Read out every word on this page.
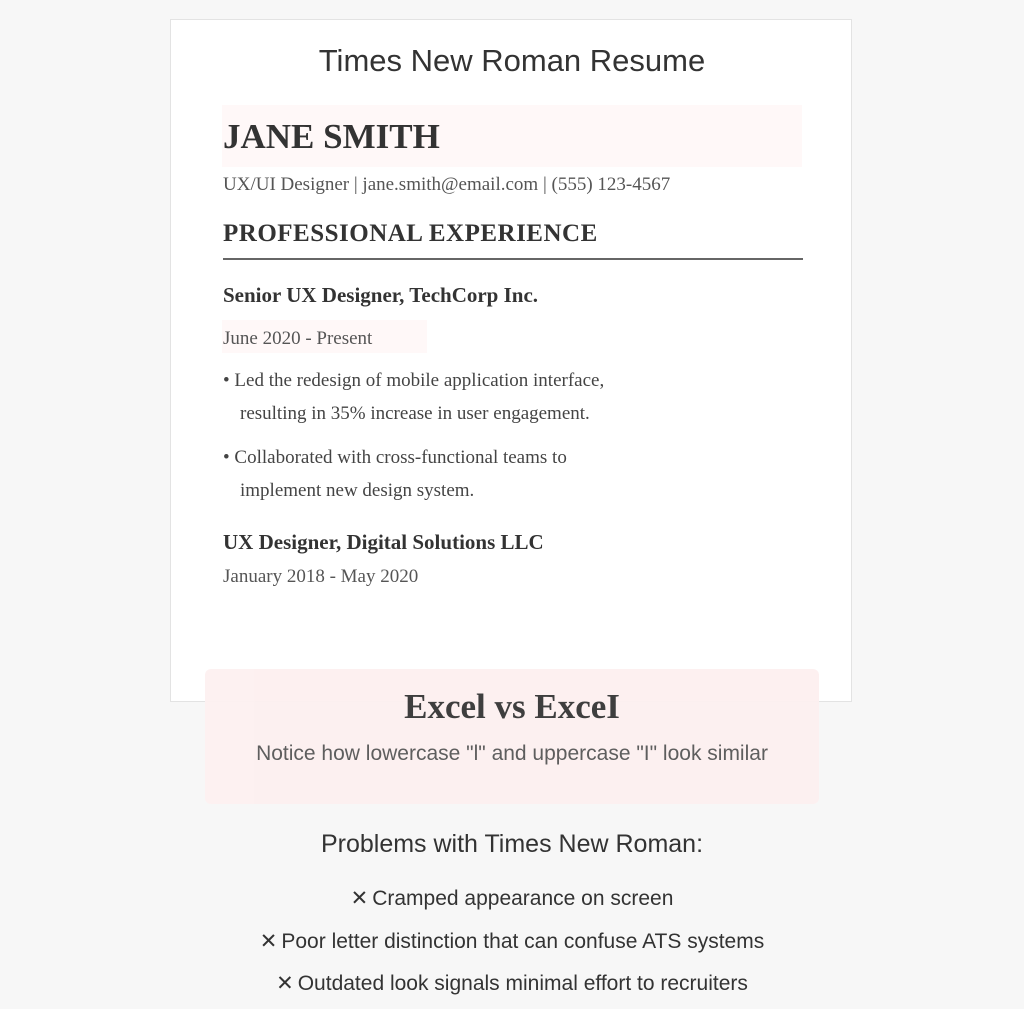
Times New Roman Resume
JANE SMITH
UX/UI Designer | jane.smith@email.com | (555) 123-4567
PROFESSIONAL EXPERIENCE
Senior UX Designer, TechCorp Inc.
June 2020 - Present
• Led the redesign of mobile application interface,
resulting in 35% increase in user engagement.
• Collaborated with cross-functional teams to
implement new design system.
UX Designer, Digital Solutions LLC
January 2018 - May 2020
Excel vs ExceI
Notice how lowercase "l" and uppercase "I" look similar
Problems with Times New Roman:
✕ Cramped appearance on screen
✕ Poor letter distinction that can confuse ATS systems
✕ Outdated look signals minimal effort to recruiters
